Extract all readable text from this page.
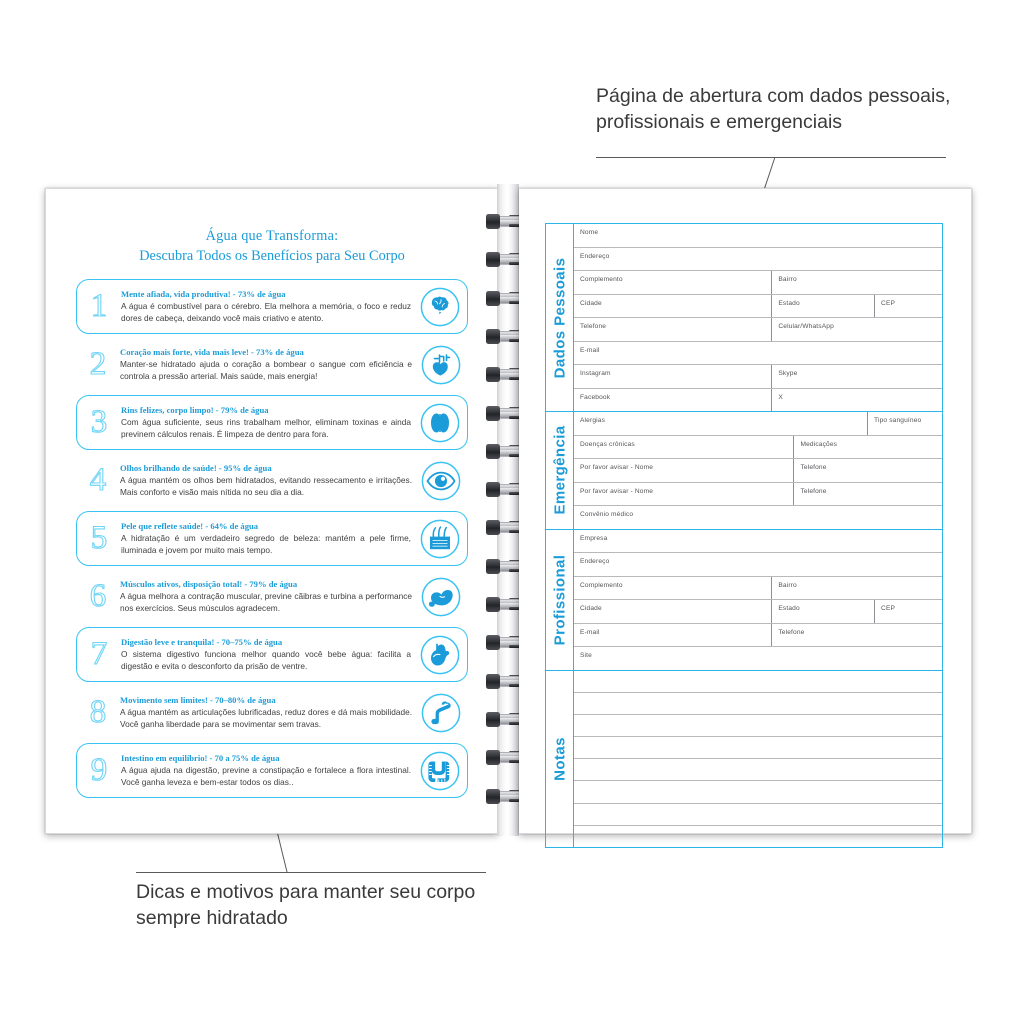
Página de abertura com dados pessoais, profissionais e emergenciais
Dicas e motivos para manter seu corpo sempre hidratado
Água que Transforma:
Descubra Todos os Benefícios para Seu Corpo
1	Mente afiada, vida produtiva! - 73% de água
A água é combustível para o cérebro. Ela melhora a memória, o foco e reduz dores de cabeça, deixando você mais criativo e atento.
2	Coração mais forte, vida mais leve! - 73% de água
Manter-se hidratado ajuda o coração a bombear o sangue com eficiência e controla a pressão arterial. Mais saúde, mais energia!
3	Rins felizes, corpo limpo! - 79% de água
Com água suficiente, seus rins trabalham melhor, eliminam toxinas e ainda previnem cálculos renais. É limpeza de dentro para fora.
4	Olhos brilhando de saúde! - 95% de água
A água mantém os olhos bem hidratados, evitando ressecamento e irritações. Mais conforto e visão mais nítida no seu dia a dia.
5	Pele que reflete saúde! - 64% de água
A hidratação é um verdadeiro segredo de beleza: mantém a pele firme, iluminada e jovem por muito mais tempo.
6	Músculos ativos, disposição total! - 79% de água
A água melhora a contração muscular, previne cãibras e turbina a performance nos exercícios. Seus músculos agradecem.
7	Digestão leve e tranquila! - 70–75% de água
O sistema digestivo funciona melhor quando você bebe água: facilita a digestão e evita o desconforto da prisão de ventre.
8	Movimento sem limites! - 70–80% de água
A água mantém as articulações lubrificadas, reduz dores e dá mais mobilidade. Você ganha liberdade para se movimentar sem travas.
9	Intestino em equilíbrio! - 70 a 75% de água
A água ajuda na digestão, previne a constipação e fortalece a flora intestinal. Você ganha leveza e bem-estar todos os dias..
Dados Pessoais
Nome
Endereço
Complemento	Bairro
Cidade	Estado	CEP
Telefone	Celular/WhatsApp
E-mail
Instagram	Skype
Facebook	X
Emergência
Alergias	Tipo sanguíneo
Doenças crônicas	Medicações
Por favor avisar - Nome	Telefone
Por favor avisar - Nome	Telefone
Convênio médico
Profissional
Empresa
Endereço
Complemento	Bairro
Cidade	Estado	CEP
E-mail	Telefone
Site
Notas
